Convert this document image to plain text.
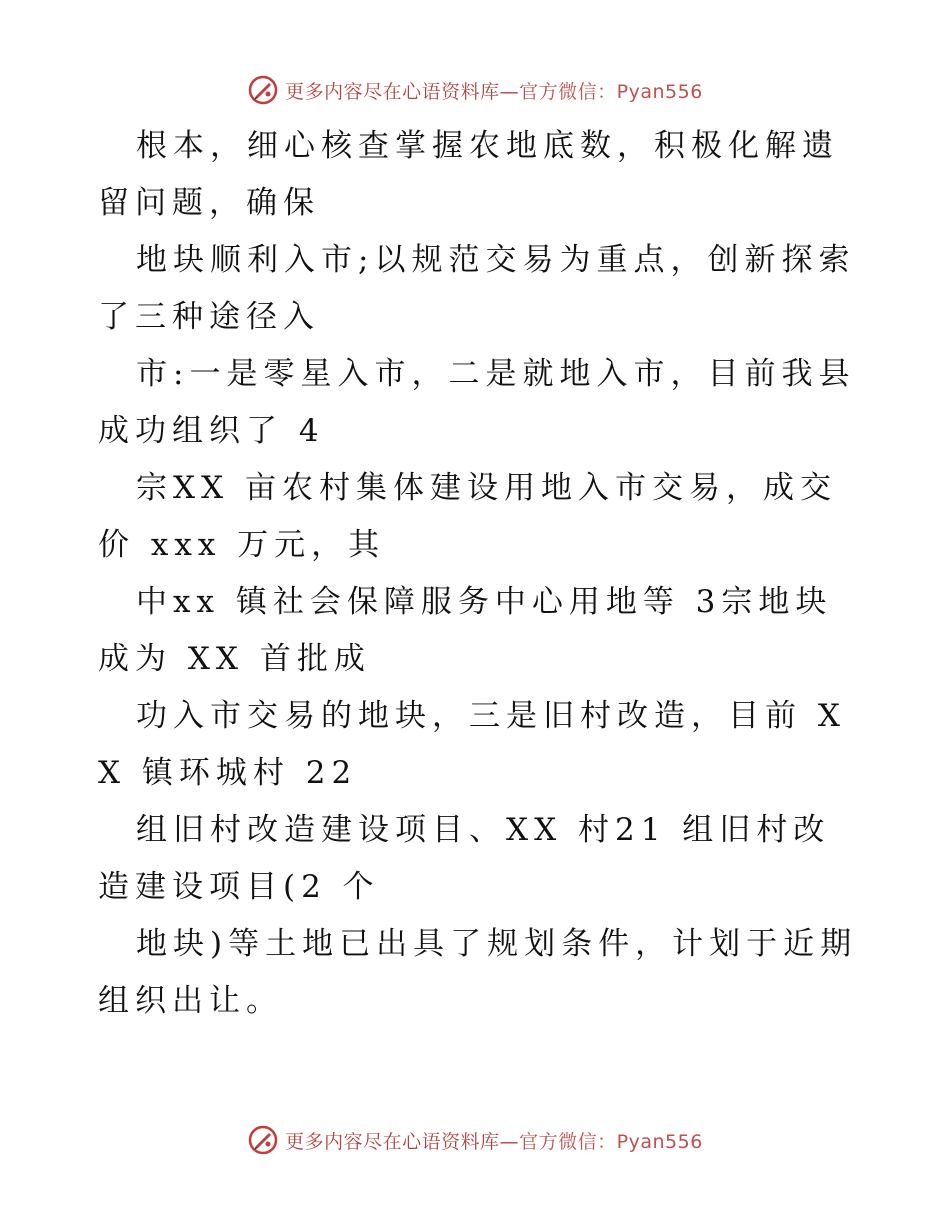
更多内容尽在心语资料库—官方微信：Pyan556

根本，细心核查掌握农地底数，积极化解遗留问题，确保

地块顺利入市;以规范交易为重点，创新探索了三种途径入

市:一是零星入市，二是就地入市，目前我县成功组织了 4

宗XX 亩农村集体建设用地入市交易，成交价 xxx 万元，其

中xx 镇社会保障服务中心用地等 3宗地块成为 XX 首批成

功入市交易的地块，三是旧村改造，目前 XX 镇环城村 22

组旧村改造建设项目、XX 村21 组旧村改造建设项目(2 个

地块)等土地已出具了规划条件，计划于近期组织出让。

更多内容尽在心语资料库—官方微信：Pyan556
